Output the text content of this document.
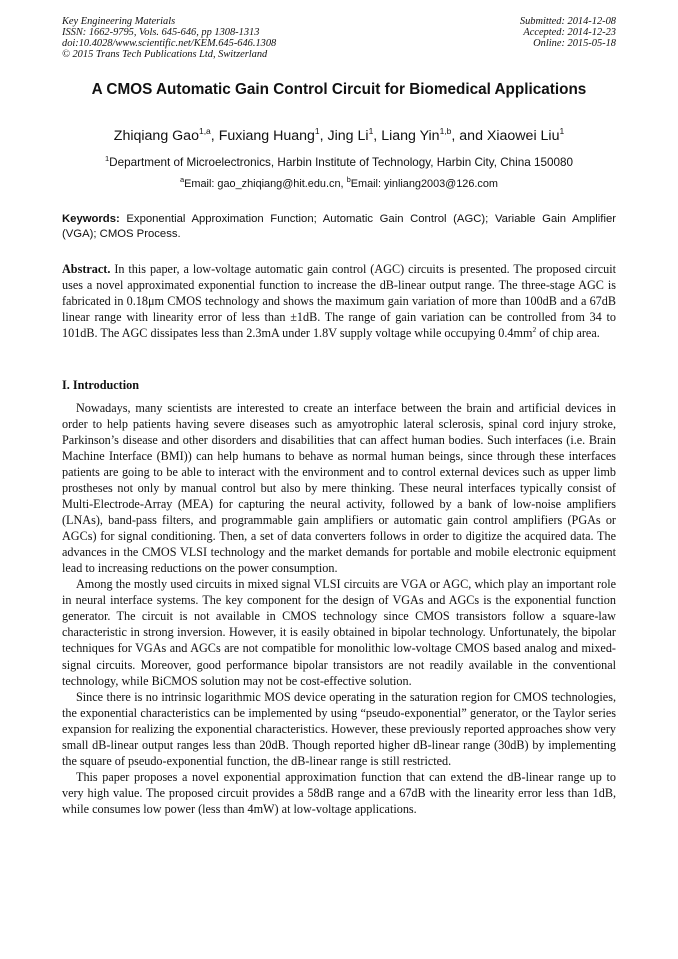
Key Engineering Materials
ISSN: 1662-9795, Vols. 645-646, pp 1308-1313
doi:10.4028/www.scientific.net/KEM.645-646.1308
© 2015 Trans Tech Publications Ltd, Switzerland
Submitted: 2014-12-08
Accepted: 2014-12-23
Online: 2015-05-18
A CMOS Automatic Gain Control Circuit for Biomedical Applications
Zhiqiang Gao$^{1,a}$, Fuxiang Huang$^1$, Jing Li$^1$, Liang Yin$^{1,b}$, and Xiaowei Liu$^1$
$^1$Department of Microelectronics, Harbin Institute of Technology, Harbin City, China 150080
$^a$Email: gao_zhiqiang@hit.edu.cn, $^b$Email: yinliang2003@126.com
Keywords: Exponential Approximation Function; Automatic Gain Control (AGC); Variable Gain Amplifier (VGA); CMOS Process.
Abstract. In this paper, a low-voltage automatic gain control (AGC) circuits is presented. The proposed circuit uses a novel approximated exponential function to increase the dB-linear output range. The three-stage AGC is fabricated in 0.18μm CMOS technology and shows the maximum gain variation of more than 100dB and a 67dB linear range with linearity error of less than ±1dB. The range of gain variation can be controlled from 34 to 101dB. The AGC dissipates less than 2.3mA under 1.8V supply voltage while occupying $0.4mm^2$ of chip area.
I. Introduction

Nowadays, many scientists are interested to create an interface between the brain and artificial devices in order to help patients having severe diseases such as amyotrophic lateral sclerosis, spinal cord injury stroke, Parkinson’s disease and other disorders and disabilities that can affect human bodies. Such interfaces (i.e. Brain Machine Interface (BMI)) can help humans to behave as normal human beings, since through these interfaces patients are going to be able to interact with the environment and to control external devices such as upper limb prostheses not only by manual control but also by mere thinking. These neural interfaces typically consist of Multi-Electrode-Array (MEA) for capturing the neural activity, followed by a bank of low-noise amplifiers (LNAs), band-pass filters, and programmable gain amplifiers or automatic gain control amplifiers (PGAs or AGCs) for signal conditioning. Then, a set of data converters follows in order to digitize the acquired data. The advances in the CMOS VLSI technology and the market demands for portable and mobile electronic equipment lead to increasing reductions on the power consumption.

Among the mostly used circuits in mixed signal VLSI circuits are VGA or AGC, which play an important role in neural interface systems. The key component for the design of VGAs and AGCs is the exponential function generator. The circuit is not available in CMOS technology since CMOS transistors follow a square-law characteristic in strong inversion. However, it is easily obtained in bipolar technology. Unfortunately, the bipolar techniques for VGAs and AGCs are not compatible for monolithic low-voltage CMOS based analog and mixed-signal circuits. Moreover, good performance bipolar transistors are not readily available in the conventional technology, while BiCMOS solution may not be cost-effective solution.

Since there is no intrinsic logarithmic MOS device operating in the saturation region for CMOS technologies, the exponential characteristics can be implemented by using “pseudo-exponential” generator, or the Taylor series expansion for realizing the exponential characteristics. However, these previously reported approaches show very small dB-linear output ranges less than 20dB. Though reported higher dB-linear range (30dB) by implementing the square of pseudo-exponential function, the dB-linear range is still restricted.

This paper proposes a novel exponential approximation function that can extend the dB-linear range up to very high value. The proposed circuit provides a 58dB range and a 67dB with the linearity error less than 1dB, while consumes low power (less than 4mW) at low-voltage applications.
